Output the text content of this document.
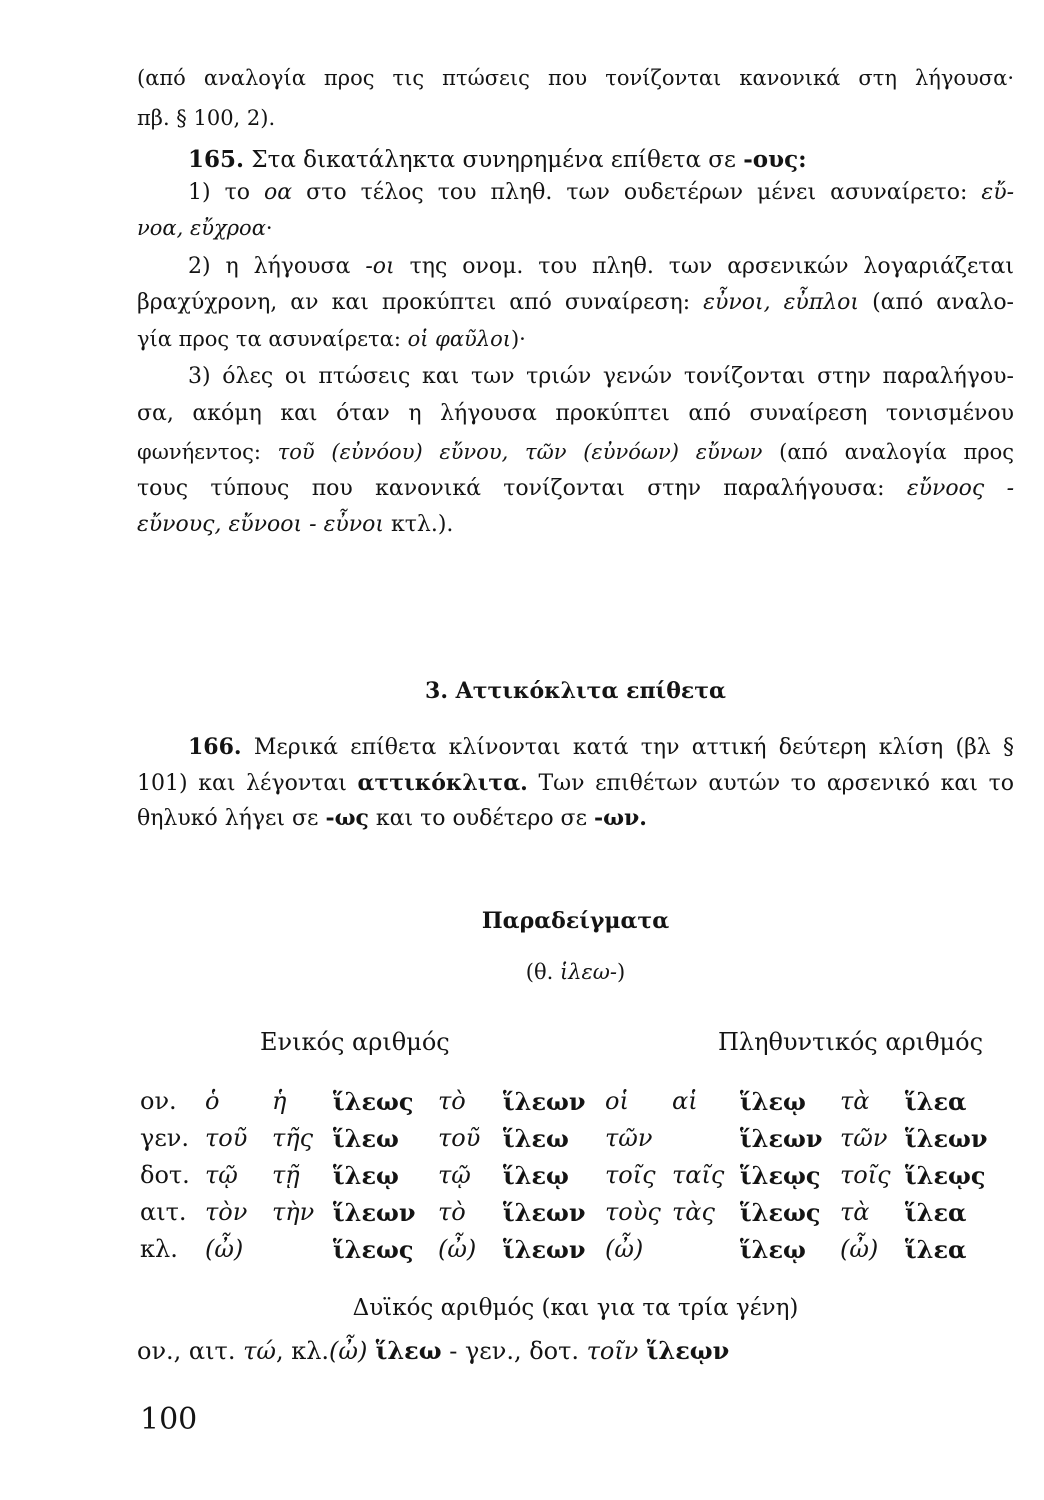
(από αναλογία προς τις πτώσεις που τονίζονται κανονικά στη λήγουσα·
πβ. § 100, 2).
165. Στα δικατάληκτα συνηρημένα επίθετα σε -ους:
1) το οα στο τέλος του πληθ. των ουδετέρων μένει ασυναίρετο: εὔ-
νοα, εὔχροα·
2) η λήγουσα -οι της ονομ. του πληθ. των αρσενικών λογαριάζεται
βραχύχρονη, αν και προκύπτει από συναίρεση: εὖνοι, εὖπλοι (από αναλο-
γία προς τα ασυναίρετα: οἱ φαῦλοι)·
3) όλες οι πτώσεις και των τριών γενών τονίζονται στην παραλήγου-
σα, ακόμη και όταν η λήγουσα προκύπτει από συναίρεση τονισμένου
φωνήεντος: τοῦ (εὐνόου) εὔνου, τῶν (εὐνόων) εὔνων (από αναλογία προς
τους τύπους που κανονικά τονίζονται στην παραλήγουσα: εὔνοος -
εὔνους, εὔνοοι - εὖνοι κτλ.).
3. Αττικόκλιτα επίθετα
166. Μερικά επίθετα κλίνονται κατά την αττική δεύτερη κλίση (βλ §
101) και λέγονται αττικόκλιτα. Των επιθέτων αυτών το αρσενικό και το
θηλυκό λήγει σε -ως και το ουδέτερο σε -ων.
Παραδείγματα
(θ. ἱλεω-)
Ενικός αριθμός	Πληθυντικός αριθμός
ον. ὁ ἡ ἵλεως τὸ ἵλεων οἱ αἱ ἵλεῳ τὰ ἵλεα
γεν. τοῦ τῆς ἵλεω τοῦ ἵλεω τῶν	ἵλεων τῶν ἵλεων
δοτ. τῷ τῇ ἵλεῳ τῷ ἵλεῳ τοῖς ταῖς ἵλεῳς τοῖς ἵλεῳς
αιτ. τὸν τὴν ἵλεων τὸ ἵλεων τοὺς τὰς ἵλεως τὰ ἵλεα
κλ. (ὦ)	ἵλεως (ὦ) ἵλεων (ὦ)	ἵλεῳ (ὦ) ἵλεα
Δυϊκός αριθμός (και για τα τρία γένη)
ον., αιτ. τώ, κλ.(ὦ) ἵλεω - γεν., δοτ. τοῖν ἵλεῳν
100
